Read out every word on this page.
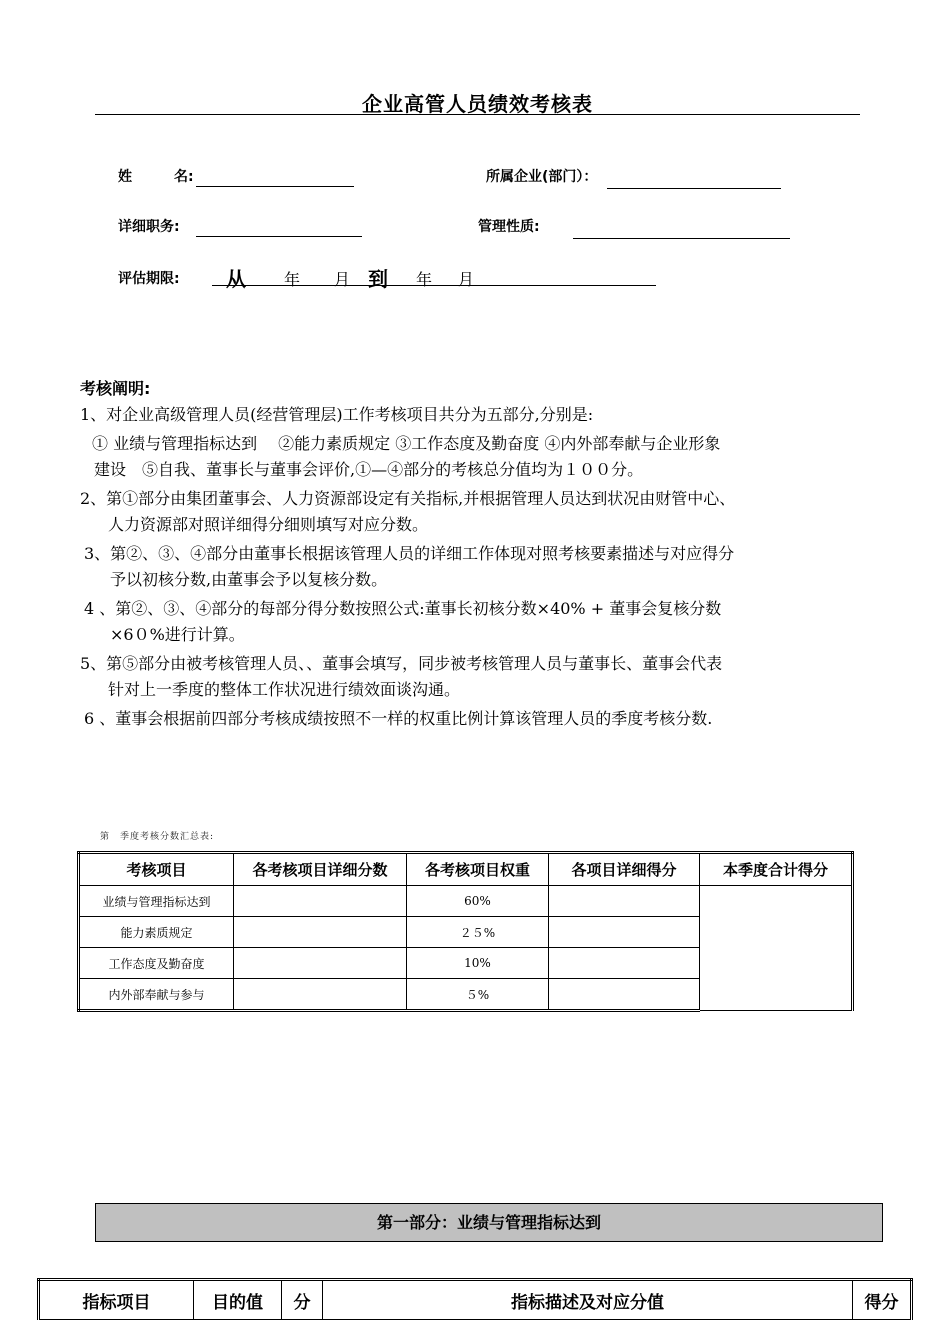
企业高管人员绩效考核表
姓　　　名:	所属企业(部门）：
详细职务:	管理性质:
评估期限: 从 年 月 到 年 月
考核阐明:
1、对企业高级管理人员(经营管理层)工作考核项目共分为五部分,分别是:
① 业绩与管理指标达到　 ②能力素质规定 ③工作态度及勤奋度 ④内外部奉献与企业形象
建设　⑤自我、董事长与董事会评价,①—④部分的考核总分值均为１００分。
2、第①部分由集团董事会、人力资源部设定有关指标,并根据管理人员达到状况由财管中心、
人力资源部对照详细得分细则填写对应分数。
3、第②、③、④部分由董事长根据该管理人员的详细工作体现对照考核要素描述与对应得分
予以初核分数,由董事会予以复核分数。
4 、第②、③、④部分的每部分得分数按照公式:董事长初核分数×40% + 董事会复核分数
×6０%进行计算。
5、第⑤部分由被考核管理人员、、董事会填写，同步被考核管理人员与董事长、董事会代表
针对上一季度的整体工作状况进行绩效面谈沟通。
6 、董事会根据前四部分考核成绩按照不一样的权重比例计算该管理人员的季度考核分数.
第　季度考核分数汇总表:
考核项目	各考核项目详细分数	各考核项目权重	各项目详细得分	本季度合计得分
业绩与管理指标达到		60%		
能力素质规定		２５%		
工作态度及勤奋度		10%		
内外部奉献与参与		５%		
第一部分：业绩与管理指标达到
指标项目	目的值	分	指标描述及对应分值	得分
